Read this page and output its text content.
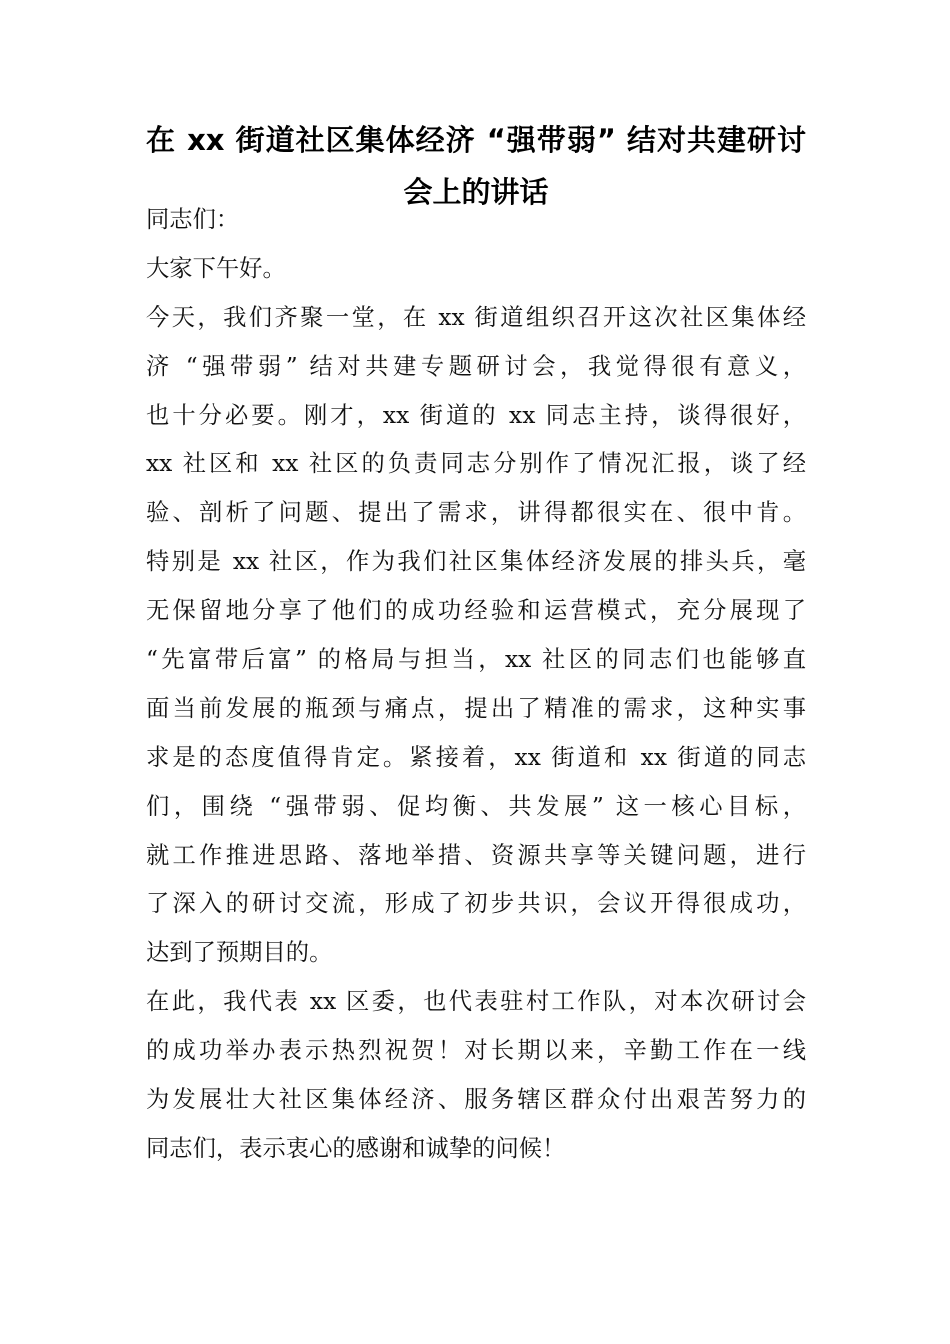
在 xx 街道社区集体经济 “强带弱” 结对共建研讨
会上的讲话
同志们：
大家下午好。
今天，我们齐聚一堂，在 xx 街道组织召开这次社区集体经
济 “强带弱” 结对共建专题研讨会，我觉得很有意义，
也十分必要。刚才，xx 街道的 xx 同志主持，谈得很好，
xx 社区和 xx 社区的负责同志分别作了情况汇报，谈了经
验、剖析了问题、提出了需求，讲得都很实在、很中肯。
特别是 xx 社区，作为我们社区集体经济发展的排头兵，毫
无保留地分享了他们的成功经验和运营模式，充分展现了
“先富带后富” 的格局与担当，xx 社区的同志们也能够直
面当前发展的瓶颈与痛点，提出了精准的需求，这种实事
求是的态度值得肯定。紧接着，xx 街道和 xx 街道的同志
们，围绕 “强带弱、促均衡、共发展” 这一核心目标，
就工作推进思路、落地举措、资源共享等关键问题，进行
了深入的研讨交流，形成了初步共识，会议开得很成功，
达到了预期目的。
在此，我代表 xx 区委，也代表驻村工作队，对本次研讨会
的成功举办表示热烈祝贺！对长期以来，辛勤工作在一线
为发展壮大社区集体经济、服务辖区群众付出艰苦努力的
同志们，表示衷心的感谢和诚挚的问候！
